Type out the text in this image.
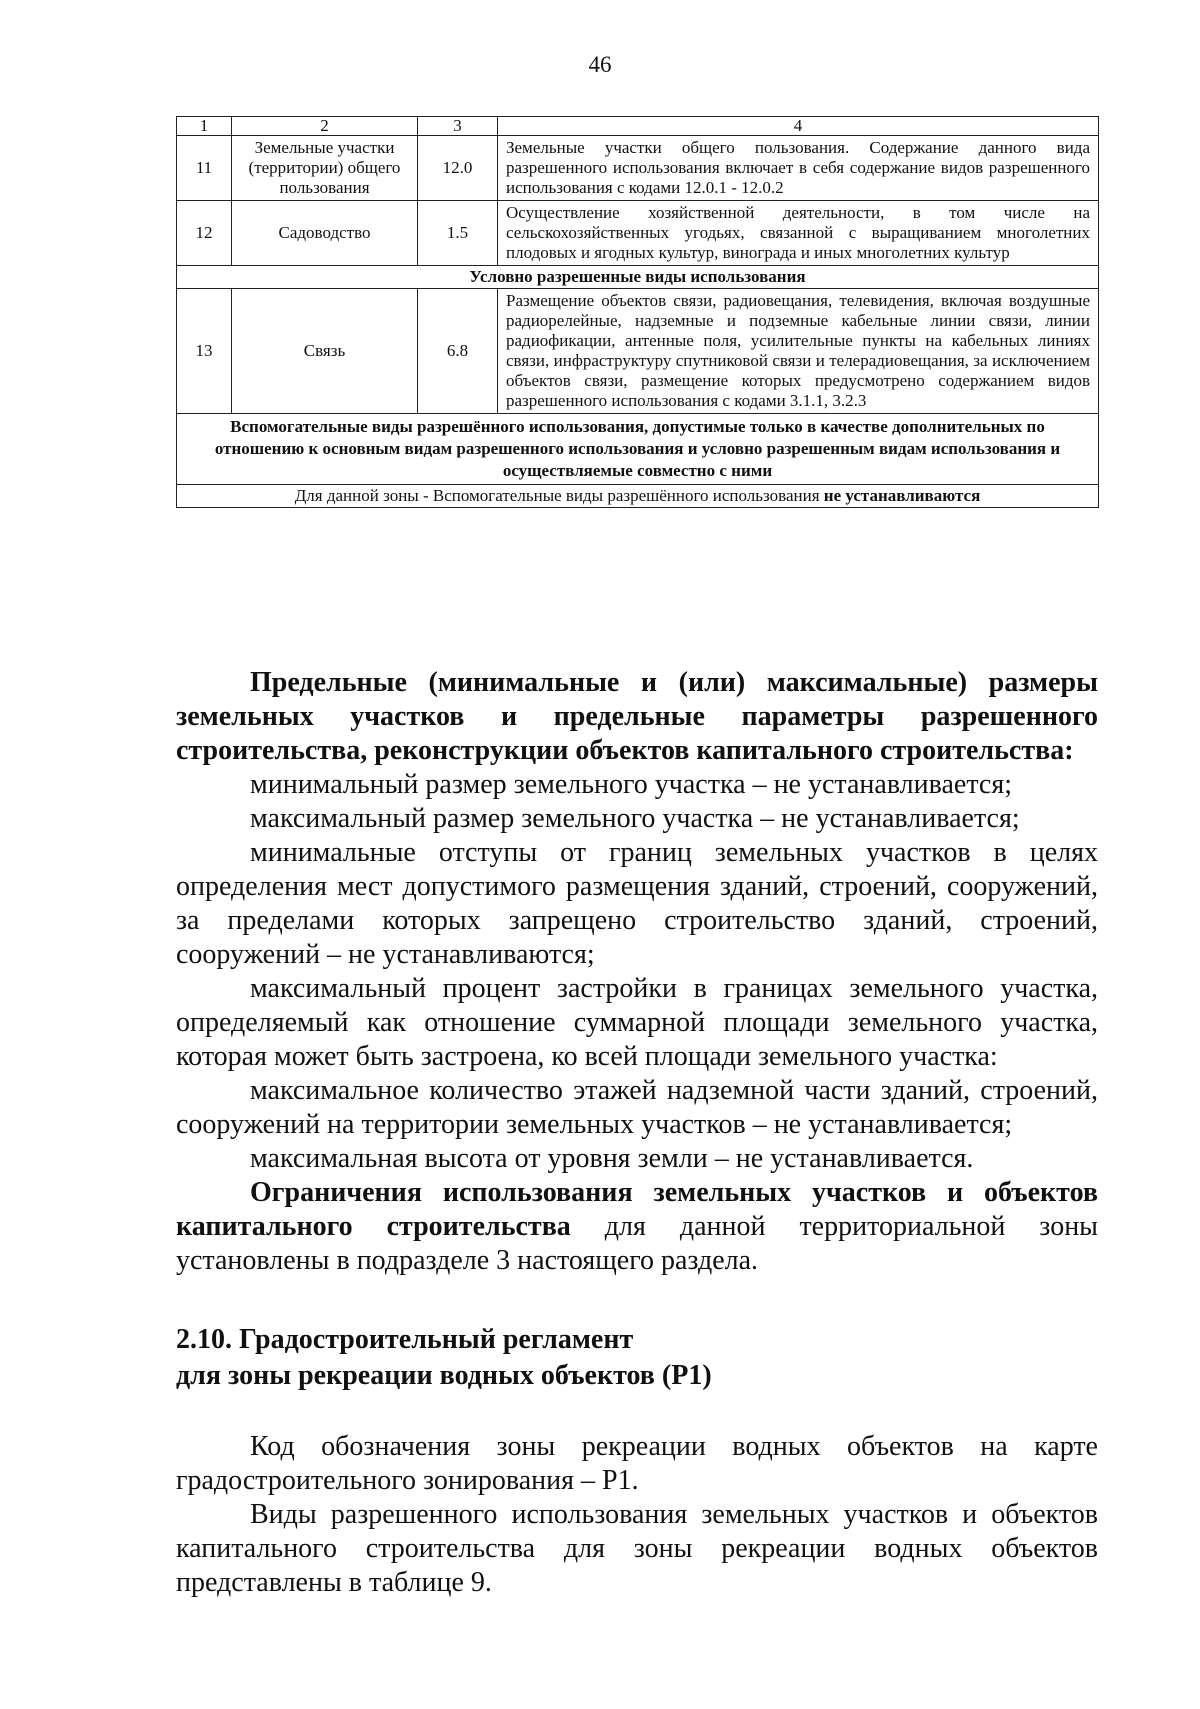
46
1	2	3	4
11	Земельные участки (территории) общего пользования	12.0	Земельные участки общего пользования. Содержание данного вида разрешенного использования включает в себя содержание видов разрешенного использования с кодами 12.0.1 - 12.0.2
12	Садоводство	1.5	Осуществление хозяйственной деятельности, в том числе на сельскохозяйственных угодьях, связанной с выращиванием многолетних плодовых и ягодных культур, винограда и иных многолетних культур
Условно разрешенные виды использования			
13	Связь	6.8	Размещение объектов связи, радиовещания, телевидения, включая воздушные радиорелейные, надземные и подземные кабельные линии связи, линии радиофикации, антенные поля, усилительные пункты на кабельных линиях связи, инфраструктуру спутниковой связи и телерадиовещания, за исключением объектов связи, размещение которых предусмотрено содержанием видов разрешенного использования с кодами 3.1.1, 3.2.3
Вспомогательные виды разрешённого использования, допустимые только в качестве дополнительных по отношению к основным видам разрешенного использования и условно разрешенным видам использования и осуществляемые совместно с ними			
Для данной зоны - Вспомогательные виды разрешённого использования не устанавливаются			

Предельные (минимальные и (или) максимальные) размеры земельных участков и предельные параметры разрешенного строительства, реконструкции объектов капитального строительства:

минимальный размер земельного участка – не устанавливается;

максимальный размер земельного участка – не устанавливается;

минимальные отступы от границ земельных участков в целях определения мест допустимого размещения зданий, строений, сооружений, за пределами которых запрещено строительство зданий, строений, сооружений – не устанавливаются;

максимальный процент застройки в границах земельного участка, определяемый как отношение суммарной площади земельного участка, которая может быть застроена, ко всей площади земельного участка:

максимальное количество этажей надземной части зданий, строений, сооружений на территории земельных участков – не устанавливается;

максимальная высота от уровня земли – не устанавливается.

Ограничения использования земельных участков и объектов капитального строительства для данной территориальной зоны установлены в подразделе 3 настоящего раздела.

2.10. Градостроительный регламент
для зоны рекреации водных объектов (Р1)

Код обозначения зоны рекреации водных объектов на карте градостроительного зонирования – Р1.

Виды разрешенного использования земельных участков и объектов капитального строительства для зоны рекреации водных объектов представлены в таблице 9.
